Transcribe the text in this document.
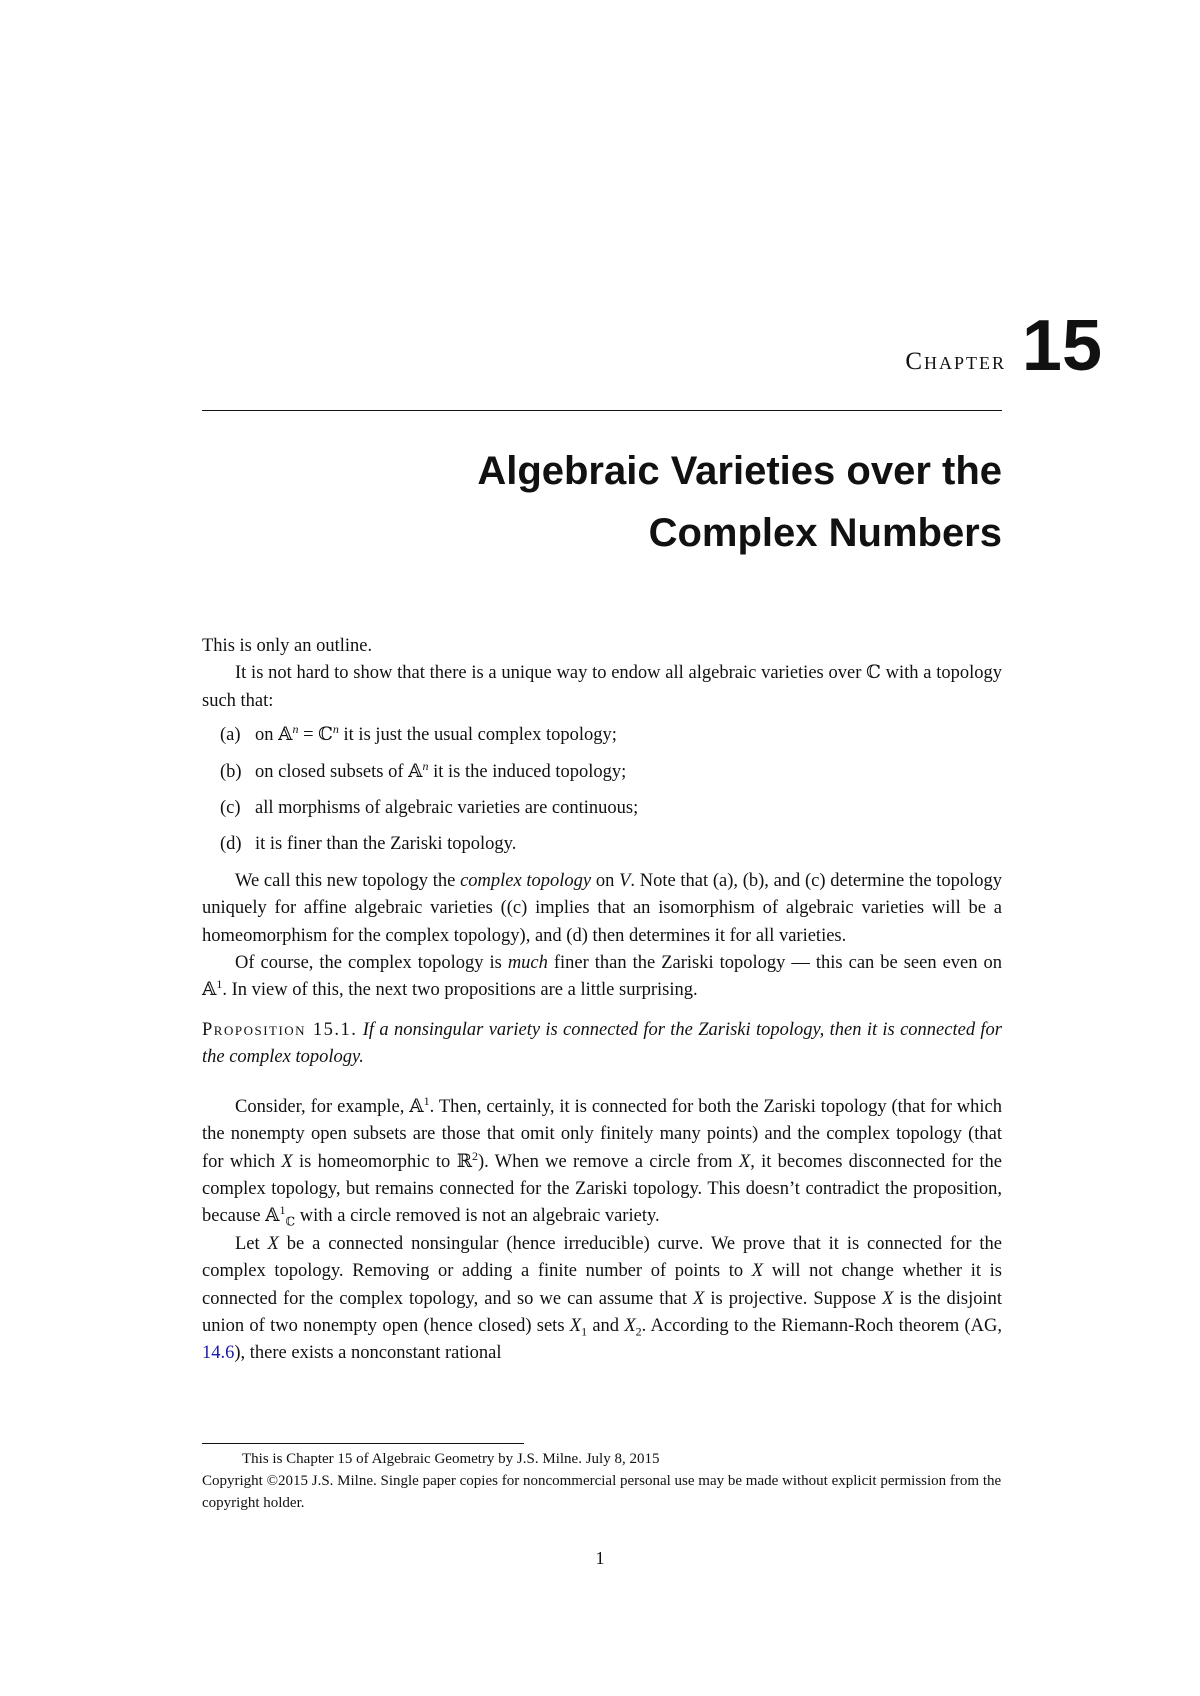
Chapter 15
Algebraic Varieties over the
Complex Numbers

This is only an outline.

It is not hard to show that there is a unique way to endow all algebraic varieties over ℂ with a topology such that:

(a) on 𝔸$^n$ = ℂ$^n$ it is just the usual complex topology;
(b) on closed subsets of 𝔸$^n$ it is the induced topology;
(c) all morphisms of algebraic varieties are continuous;
(d) it is finer than the Zariski topology.

We call this new topology the complex topology on V. Note that (a), (b), and (c) determine the topology uniquely for affine algebraic varieties ((c) implies that an isomorphism of algebraic varieties will be a homeomorphism for the complex topology), and (d) then determines it for all varieties.

Of course, the complex topology is much finer than the Zariski topology — this can be seen even on 𝔸$^1$. In view of this, the next two propositions are a little surprising.

Proposition 15.1. If a nonsingular variety is connected for the Zariski topology, then it is connected for the complex topology.

Consider, for example, 𝔸$^1$. Then, certainly, it is connected for both the Zariski topology (that for which the nonempty open subsets are those that omit only finitely many points) and the complex topology (that for which X is homeomorphic to ℝ$^2$). When we remove a circle from X, it becomes disconnected for the complex topology, but remains connected for the Zariski topology. This doesn’t contradict the proposition, because 𝔸$^1_ℂ$ with a circle removed is not an algebraic variety.

Let X be a connected nonsingular (hence irreducible) curve. We prove that it is connected for the complex topology. Removing or adding a finite number of points to X will not change whether it is connected for the complex topology, and so we can assume that X is projective. Suppose X is the disjoint union of two nonempty open (hence closed) sets $X_1$ and $X_2$. According to the Riemann-Roch theorem (AG, 14.6), there exists a nonconstant rational

This is Chapter 15 of Algebraic Geometry by J.S. Milne. July 8, 2015
Copyright ©2015 J.S. Milne. Single paper copies for noncommercial personal use may be made without explicit permission from the copyright holder.
1
